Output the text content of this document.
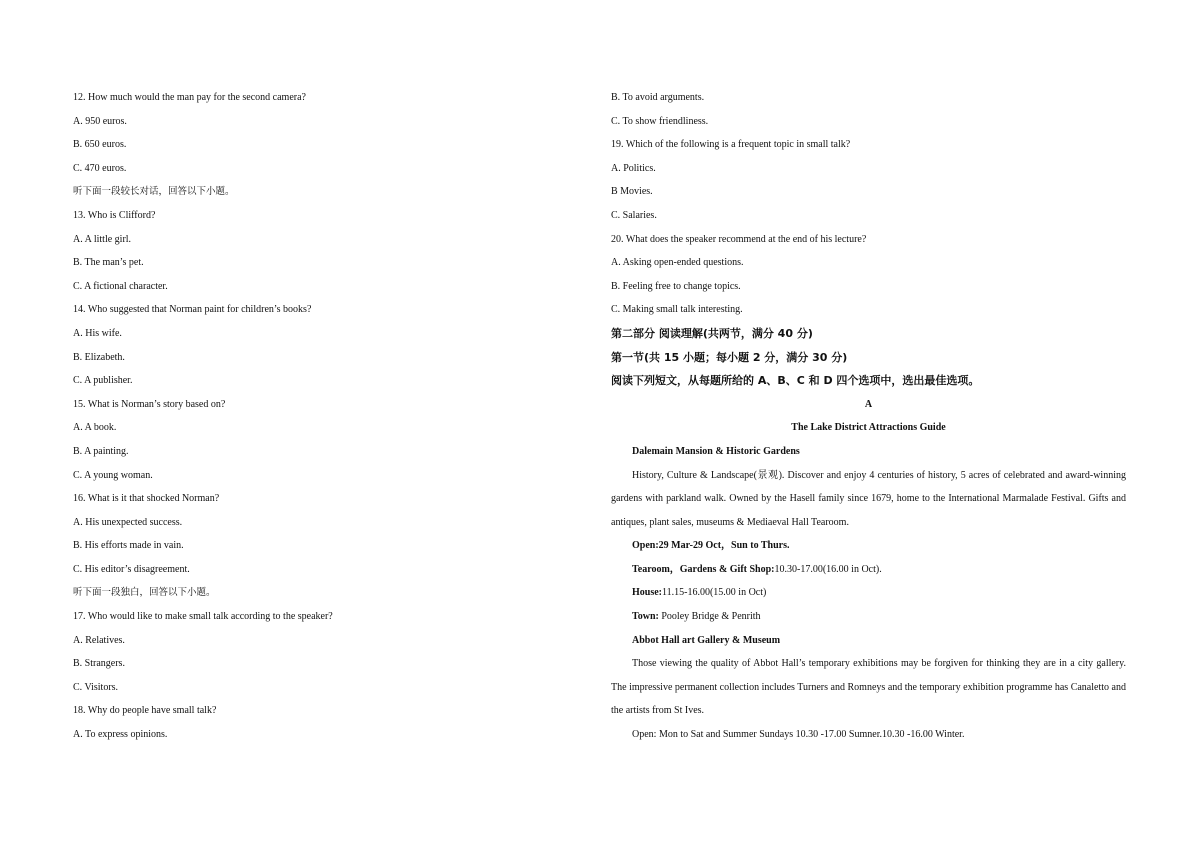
12. How much would the man pay for the second camera?
A. 950 euros.
B. 650 euros.
C. 470 euros.
听下面一段较长对话，回答以下小题。
13. Who is Clifford?
A. A little girl.
B. The man’s pet.
C. A fictional character.
14. Who suggested that Norman paint for children’s books?
A. His wife.
B. Elizabeth.
C. A publisher.
15. What is Norman’s story based on?
A. A book.
B. A painting.
C. A young woman.
16. What is it that shocked Norman?
A. His unexpected success.
B. His efforts made in vain.
C. His editor’s disagreement.
听下面一段独白，回答以下小题。
17. Who would like to make small talk according to the speaker?
A. Relatives.
B. Strangers.
C. Visitors.
18. Why do people have small talk?
A. To express opinions.
B. To avoid arguments.
C. To show friendliness.
19. Which of the following is a frequent topic in small talk?
A. Politics.
B Movies.
C. Salaries.
20. What does the speaker recommend at the end of his lecture?
A. Asking open-ended questions.
B. Feeling free to change topics.
C. Making small talk interesting.
第二部分 阅读理解(共两节，满分 40 分)
第一节(共 15 小题；每小题 2 分，满分 30 分)
阅读下列短文，从每题所给的 A、B、C 和 D 四个选项中，选出最佳选项。
A
The Lake District Attractions Guide
Dalemain Mansion & Historic Gardens
History, Culture & Landscape(景观). Discover and enjoy 4 centuries of history, 5 acres of celebrated and award-winning gardens with parkland walk. Owned by the Hasell family since 1679, home to the International Marmalade Festival. Gifts and antiques, plant sales, museums & Mediaeval Hall Tearoom.
Open:29 Mar-29 Oct，Sun to Thurs.
Tearoom，Gardens & Gift Shop:10.30-17.00(16.00 in Oct).
House:11.15-16.00(15.00 in Oct)
Town: Pooley Bridge & Penrith
Abbot Hall art Gallery & Museum
Those viewing the quality of Abbot Hall’s temporary exhibitions may be forgiven for thinking they are in a city gallery. The impressive permanent collection includes Turners and Romneys and the temporary exhibition programme has Canaletto and the artists from St Ives.
Open: Mon to Sat and Summer Sundays 10.30 -17.00 Sumner.10.30 -16.00 Winter.
